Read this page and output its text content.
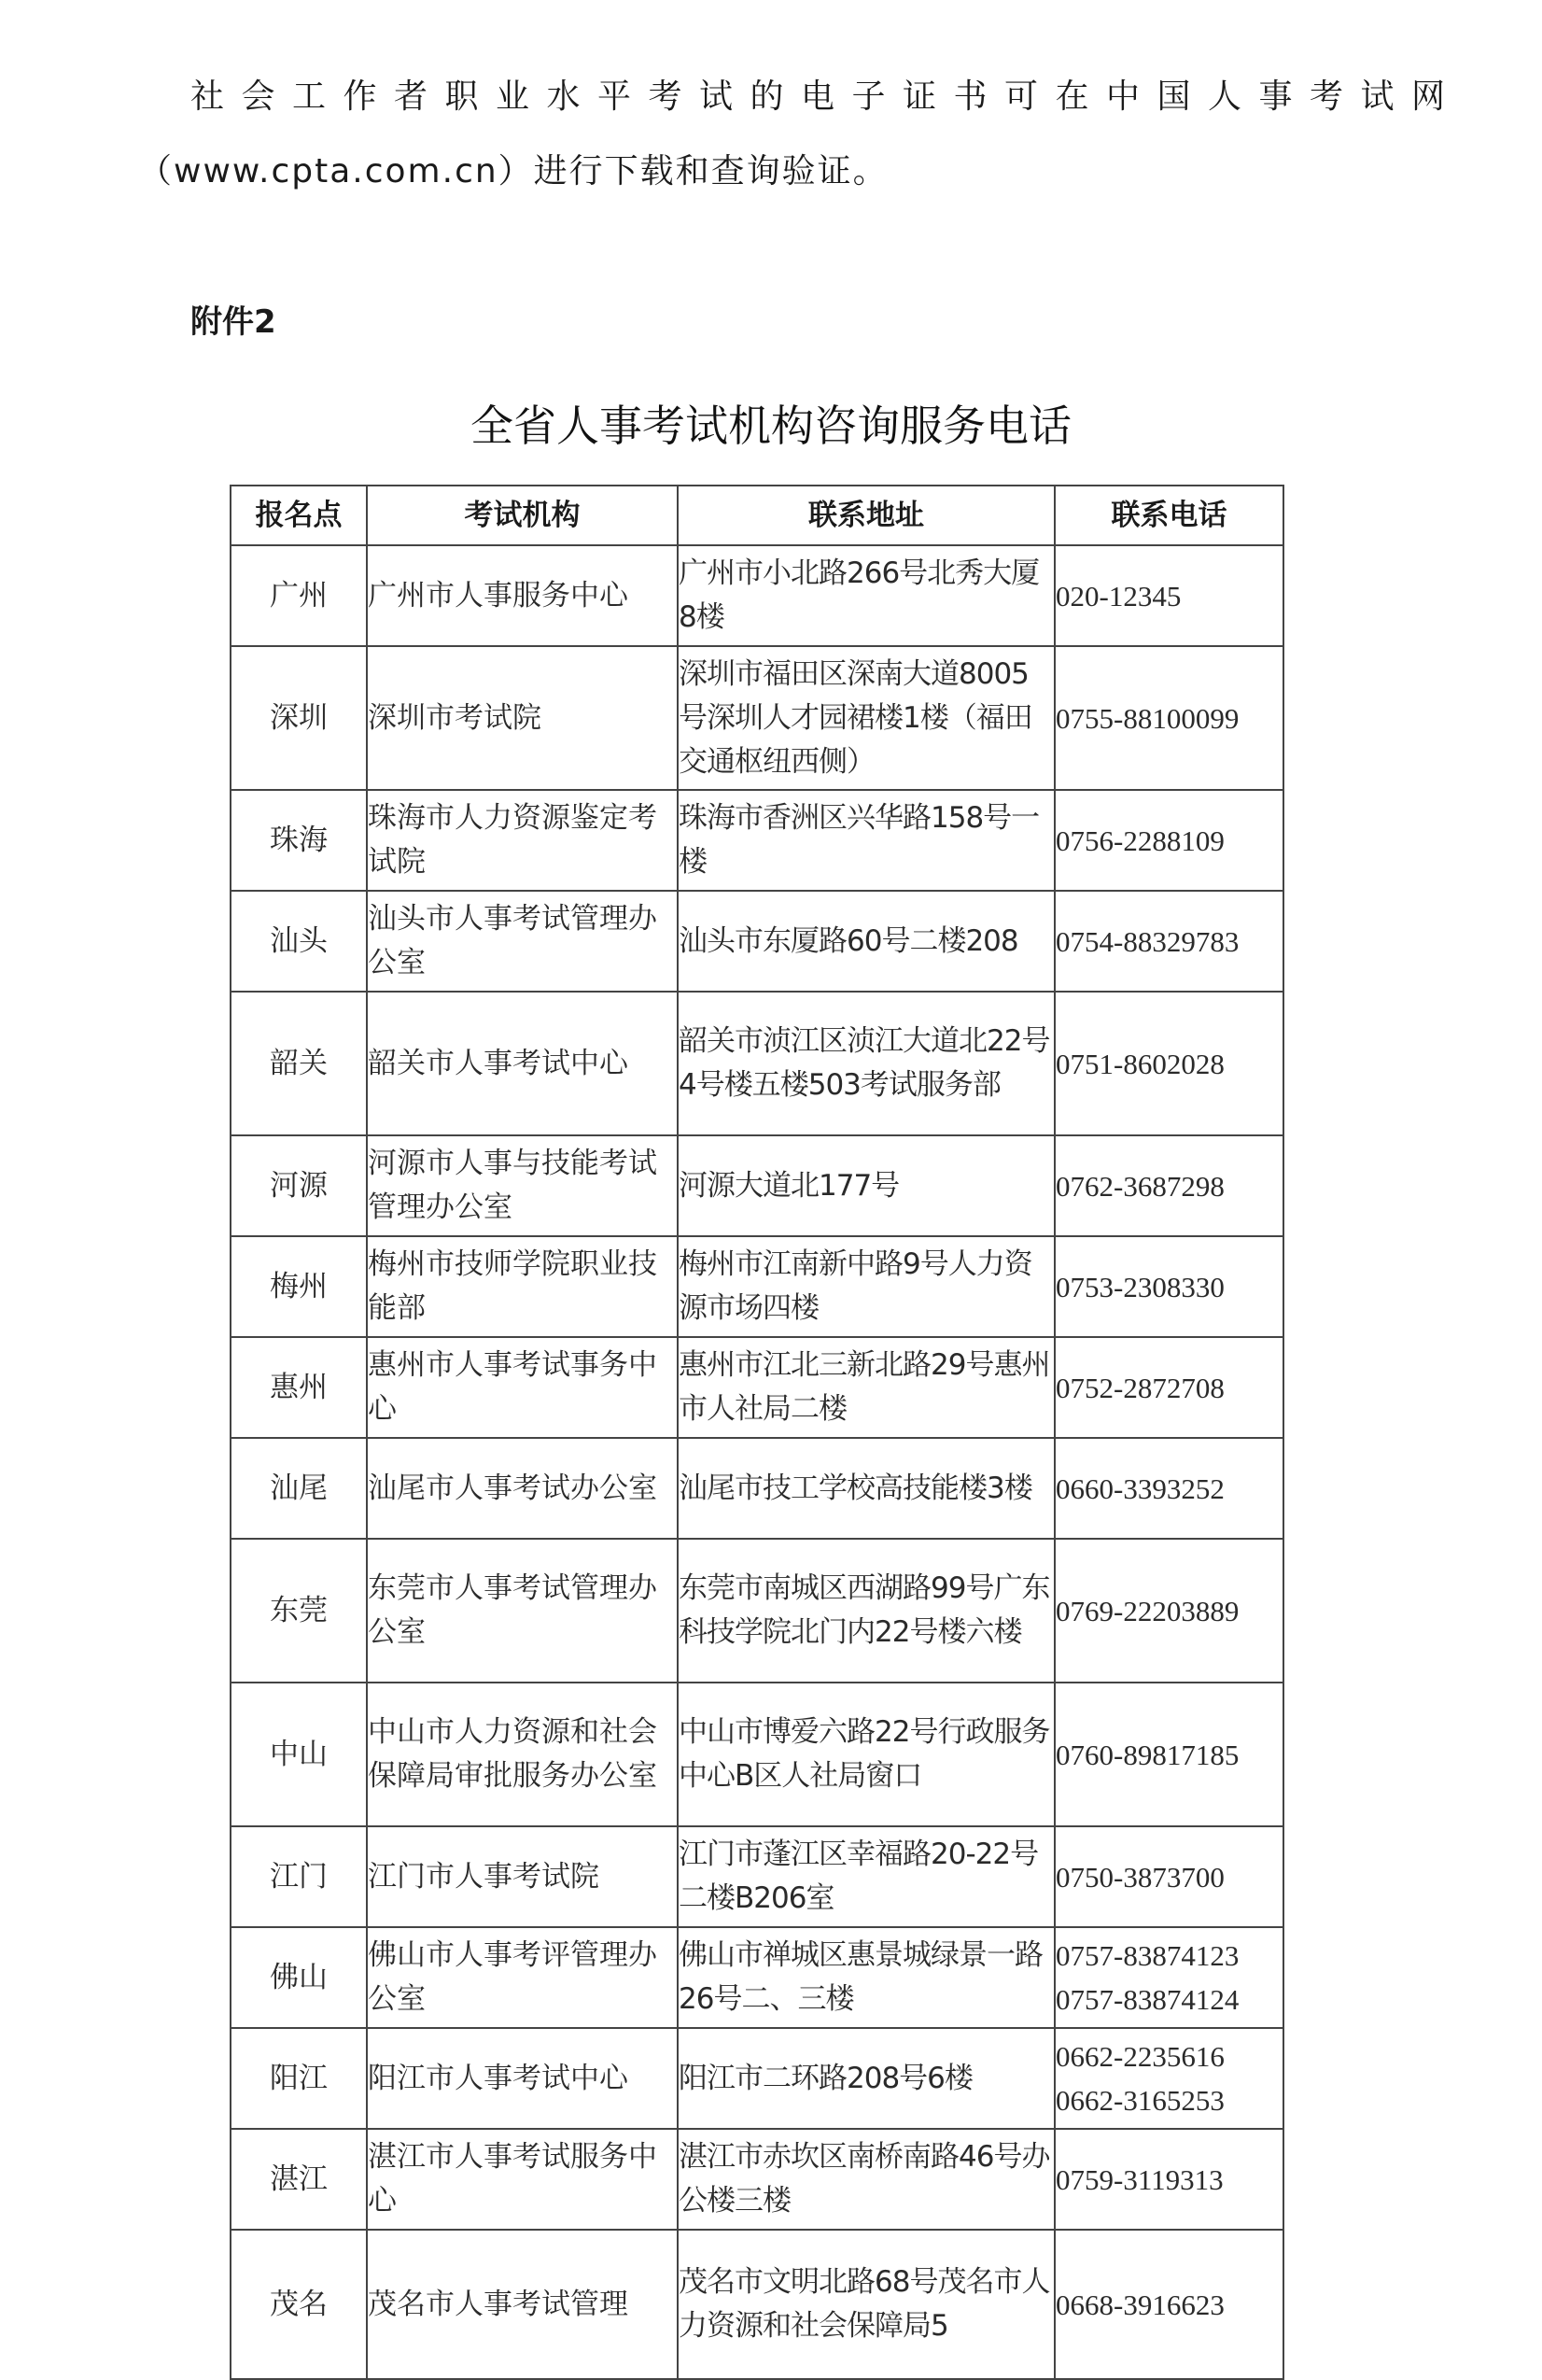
社会工作者职业水平考试的电子证书可在中国人事考试网
（www.cpta.com.cn）进行下载和查询验证。
附件2
全省人事考试机构咨询服务电话
报名点	考试机构	联系地址	联系电话
广州	广州市人事服务中心	广州市小北路266号北秀大厦8楼	020-12345

深圳	深圳市考试院	深圳市福田区深南大道8005号深圳人才园裙楼1楼（福田交通枢纽西侧）	0755-88100099

珠海	珠海市人力资源鉴定考试院	珠海市香洲区兴华路158号一楼	0756-2288109

汕头	汕头市人事考试管理办公室	汕头市东厦路60号二楼208	0754-88329783

韶关	韶关市人事考试中心	韶关市浈江区浈江大道北22号4号楼五楼503考试服务部	0751-8602028

河源	河源市人事与技能考试管理办公室	河源大道北177号	0762-3687298

梅州	梅州市技师学院职业技能部	梅州市江南新中路9号人力资源市场四楼	0753-2308330

惠州	惠州市人事考试事务中心	惠州市江北三新北路29号惠州市人社局二楼	0752-2872708

汕尾	汕尾市人事考试办公室	汕尾市技工学校高技能楼3楼	0660-3393252

东莞	东莞市人事考试管理办公室	东莞市南城区西湖路99号广东科技学院北门内22号楼六楼	0769-22203889

中山	中山市人力资源和社会保障局审批服务办公室	中山市博爱六路22号行政服务中心B区人社局窗口	0760-89817185

江门	江门市人事考试院	江门市蓬江区幸福路20-22号二楼B206室	0750-3873700

佛山	佛山市人事考评管理办公室	佛山市禅城区惠景城绿景一路26号二、三楼	0757-83874123
0757-83874124

阳江	阳江市人事考试中心	阳江市二环路208号6楼	0662-2235616
0662-3165253

湛江	湛江市人事考试服务中心	湛江市赤坎区南桥南路46号办公楼三楼	0759-3119313

茂名	茂名市人事考试管理	茂名市文明北路68号茂名市人力资源和社会保障局5	0668-3916623
